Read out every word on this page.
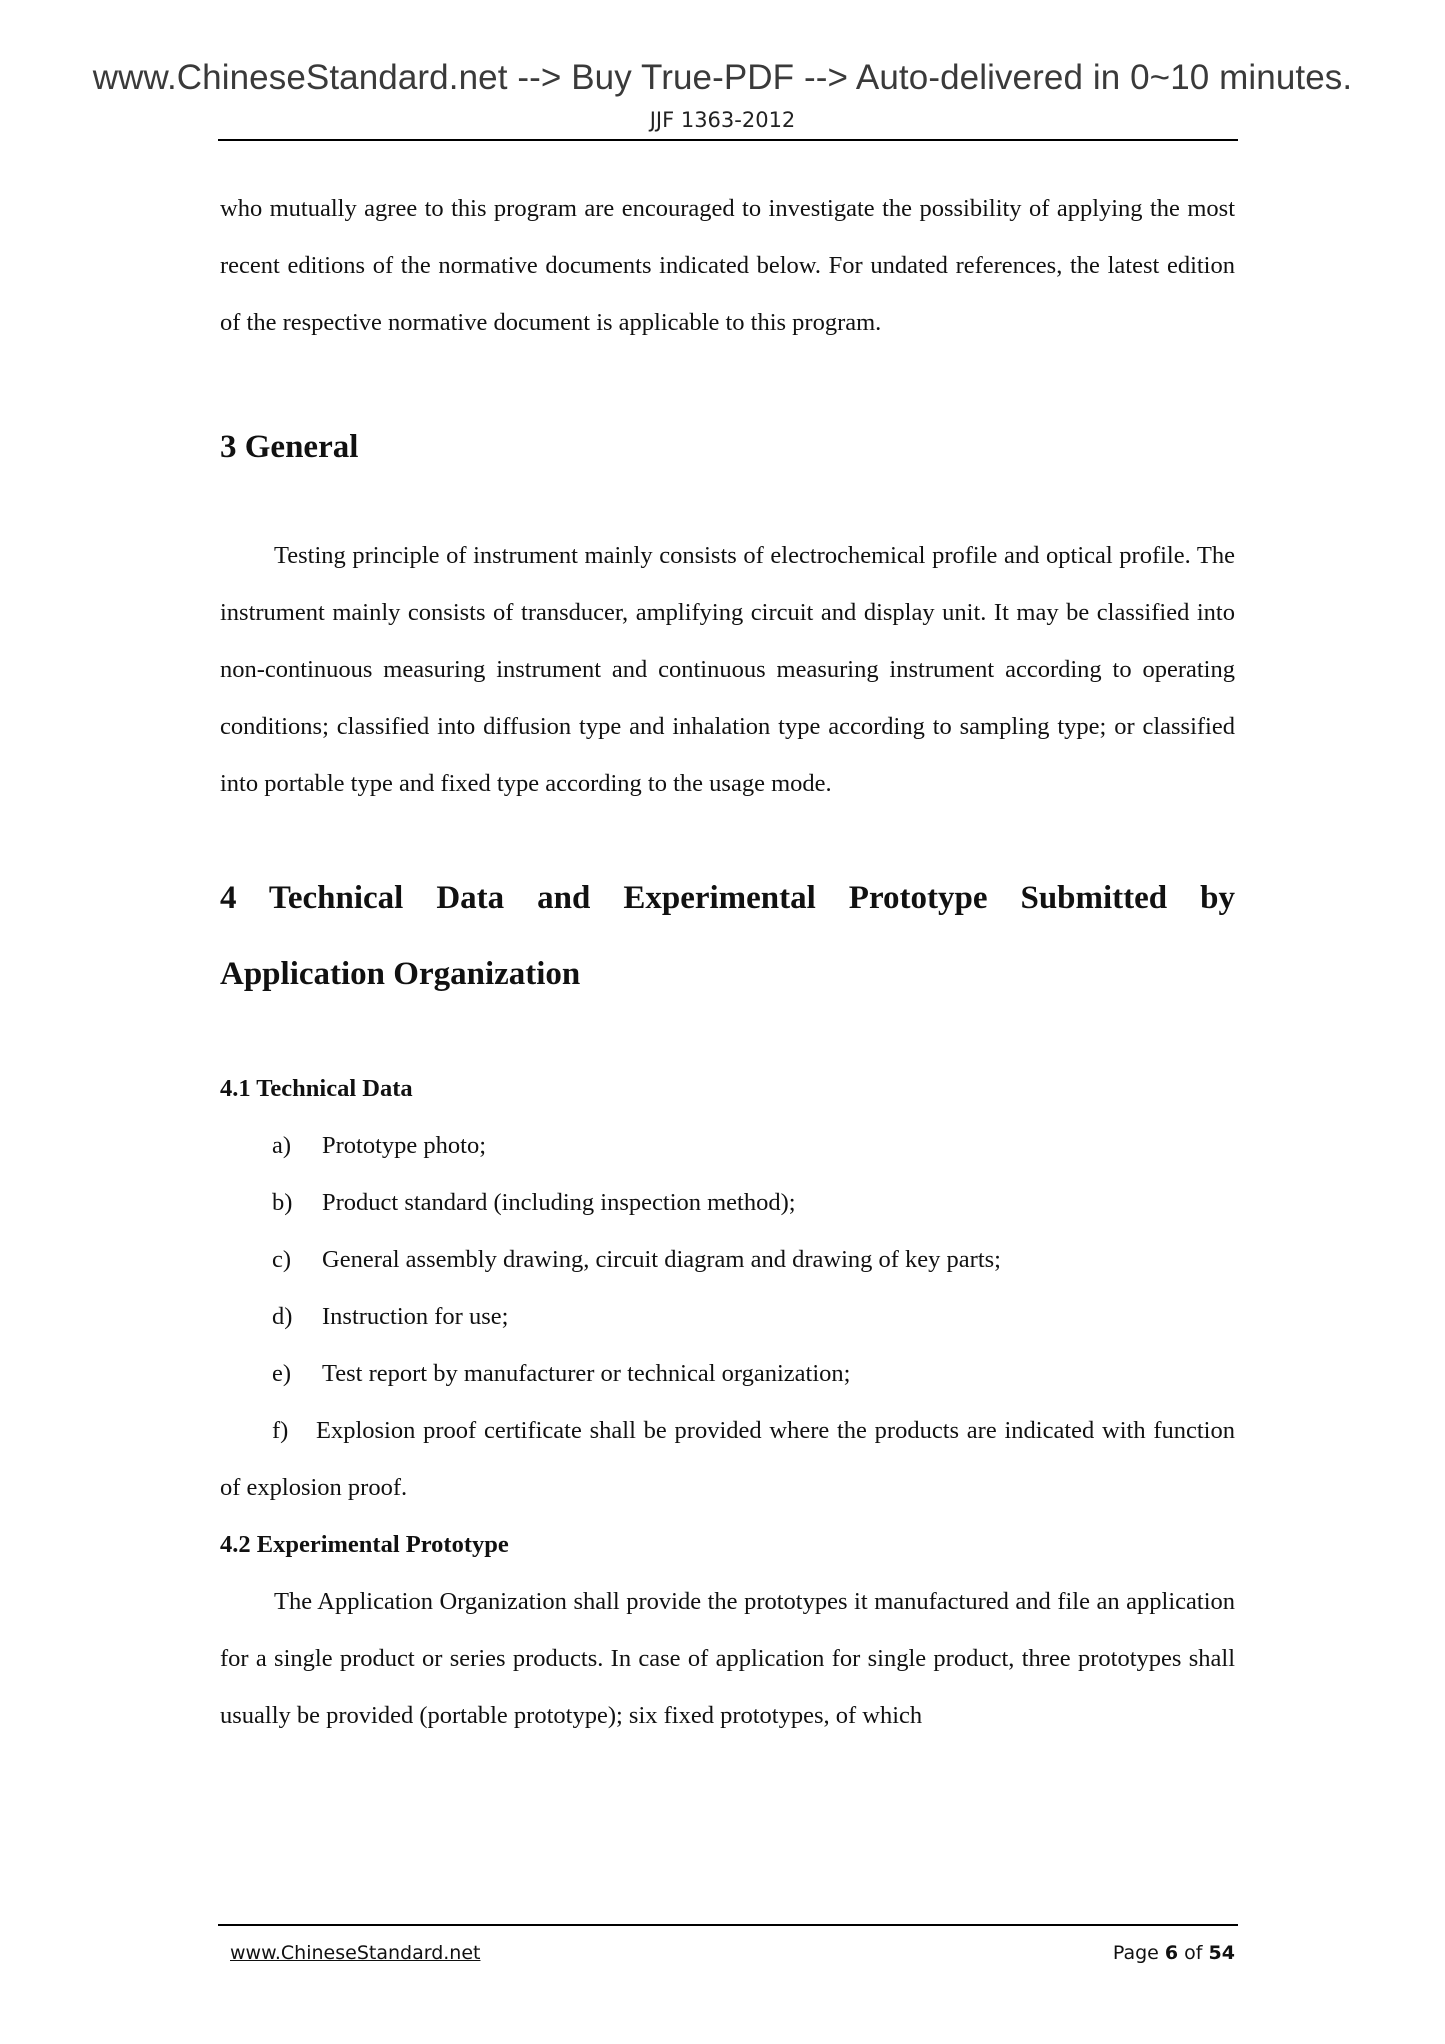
www.ChineseStandard.net --> Buy True-PDF --> Auto-delivered in 0~10 minutes.
JJF 1363-2012

who mutually agree to this program are encouraged to investigate the possibility of applying the most recent editions of the normative documents indicated below. For undated references, the latest edition of the respective normative document is applicable to this program.

3 General

Testing principle of instrument mainly consists of electrochemical profile and optical profile. The instrument mainly consists of transducer, amplifying circuit and display unit. It may be classified into non-continuous measuring instrument and continuous measuring instrument according to operating conditions; classified into diffusion type and inhalation type according to sampling type; or classified into portable type and fixed type according to the usage mode.

4 Technical Data and Experimental Prototype Submitted by
Application Organization
4.1 Technical Data
a) Prototype photo;
b) Product standard (including inspection method);
c) General assembly drawing, circuit diagram and drawing of key parts;
d) Instruction for use;
e) Test report by manufacturer or technical organization;

f) Explosion proof certificate shall be provided where the products are indicated with function of explosion proof.

4.2 Experimental Prototype

The Application Organization shall provide the prototypes it manufactured and file an application for a single product or series products. In case of application for single product, three prototypes shall usually be provided (portable prototype); six fixed prototypes, of which

www.ChineseStandard.net	Page 6 of 54
